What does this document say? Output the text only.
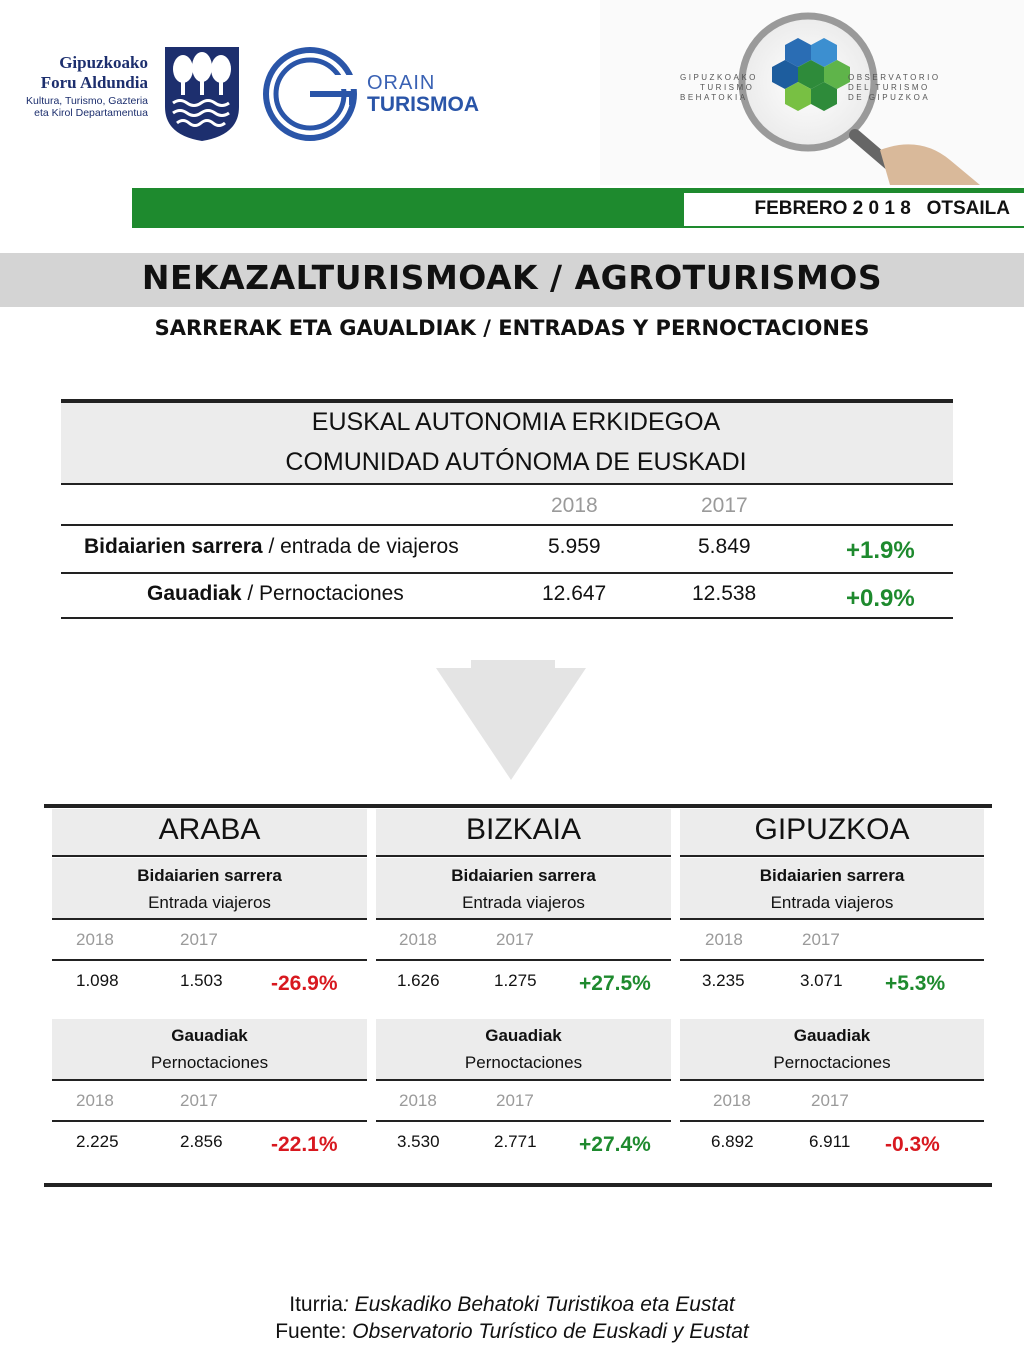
Gipuzkoako
Foru Aldundia
Kultura, Turismo, Gazteria
eta Kirol Departamentua
ORAIN
TURISMOA
GIPUZKOAKO
TURISMO
BEHATOKIA
OBSERVATORIO
DEL TURISMO
DE GIPUZKOA
FEBRERO 2 0 1 8   OTSAILA
NEKAZALTURISMOAK / AGROTURISMOS
SARRERAK ETA GAUALDIAK / ENTRADAS Y PERNOCTACIONES
EUSKAL AUTONOMIA ERKIDEGOA
COMUNIDAD AUTÓNOMA DE EUSKADI
2018	2017
Bidaiarien sarrera / entrada de viajeros	5.959	5.849	+1.9%
Gauadiak / Pernoctaciones	12.647	12.538	+0.9%
ARABA
Bidaiarien sarrera
Entrada viajeros
2018	2017
1.098	1.503 -26.9%
Gauadiak
Pernoctaciones
2018	2017
2.225	2.856 -22.1%
BIZKAIA
Bidaiarien sarrera
Entrada viajeros
2018	2017
1.626	1.275 +27.5%
Gauadiak
Pernoctaciones
2018	2017
3.530	2.771 +27.4%
GIPUZKOA
Bidaiarien sarrera
Entrada viajeros
2018	2017
3.235	3.071 +5.3%
Gauadiak
Pernoctaciones
2018	2017
6.892	6.911 -0.3%
Iturria: Euskadiko Behatoki Turistikoa eta Eustat
Fuente: Observatorio Turístico de Euskadi y Eustat
